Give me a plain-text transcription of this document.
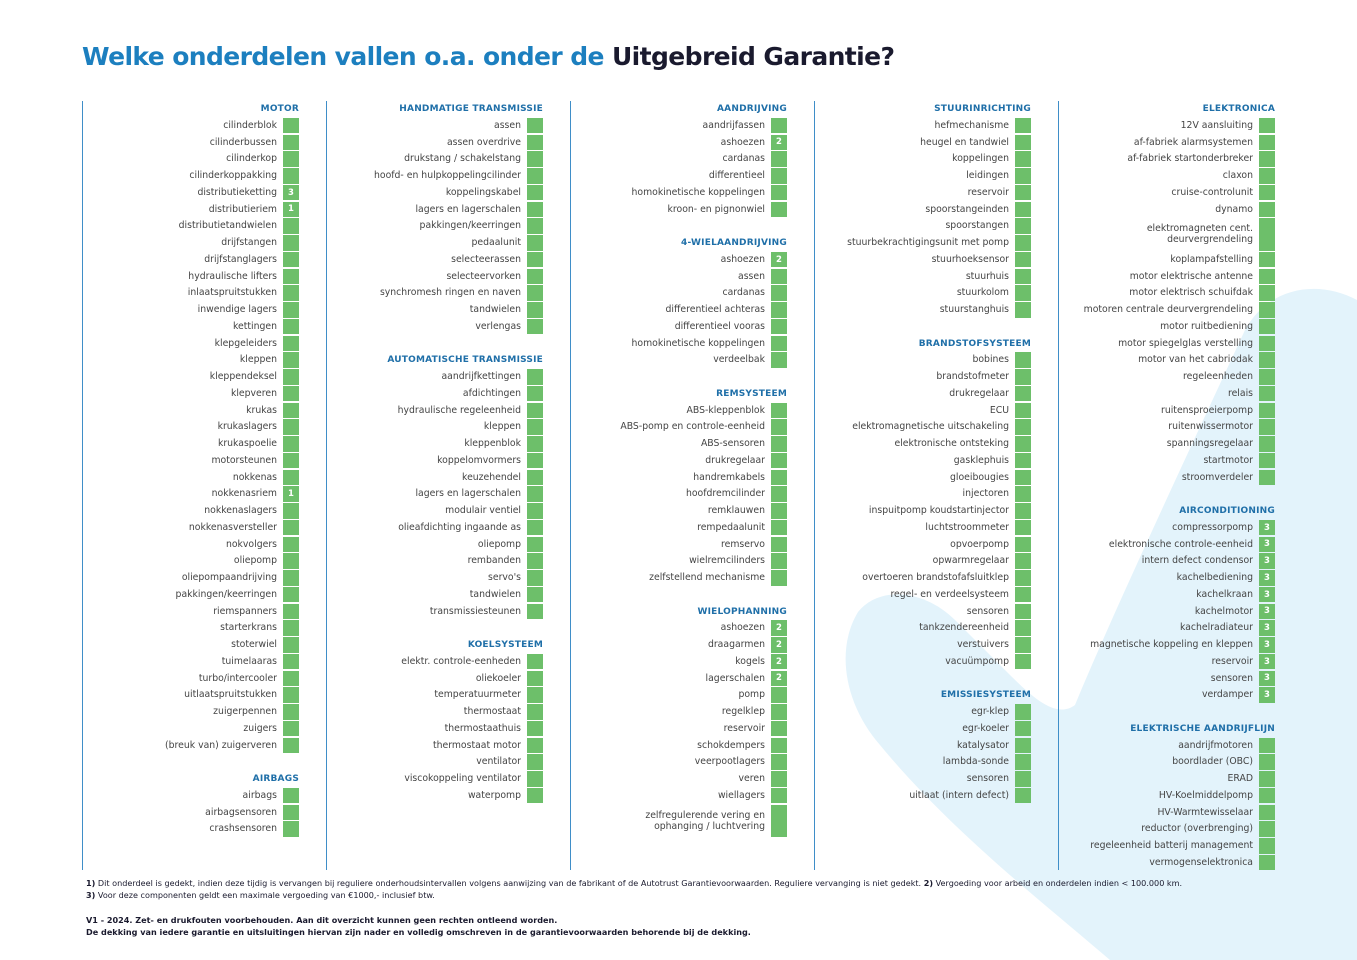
Welke onderdelen vallen o.a. onder de Uitgebreid Garantie?
MOTOR
cilinderblok
cilinderbussen
cilinderkop
cilinderkoppakking
distributieketting	3
distributieriem	1
distributietandwielen
drijfstangen
drijfstanglagers
hydraulische lifters
inlaatspruitstukken
inwendige lagers
kettingen
klepgeleiders
kleppen
kleppendeksel
klepveren
krukas
krukaslagers
krukaspoelie
motorsteunen
nokkenas
nokkenasriem	1
nokkenaslagers
nokkenasversteller
nokvolgers
oliepomp
oliepompaandrijving
pakkingen/keerringen
riemspanners
starterkrans
stoterwiel
tuimelaaras
turbo/intercooler
uitlaatspruitstukken
zuigerpennen
zuigers
(breuk van) zuigerveren
AIRBAGS
airbags
airbagsensoren
crashsensoren
HANDMATIGE TRANSMISSIE
assen
assen overdrive
drukstang / schakelstang
hoofd- en hulpkoppelingcilinder
koppelingskabel
lagers en lagerschalen
pakkingen/keerringen
pedaalunit
selecteerassen
selecteervorken
synchromesh ringen en naven
tandwielen
verlengas
AUTOMATISCHE TRANSMISSIE
aandrijfkettingen
afdichtingen
hydraulische regeleenheid
kleppen
kleppenblok
koppelomvormers
keuzehendel
lagers en lagerschalen
modulair ventiel
olieafdichting ingaande as
oliepomp
rembanden
servo's
tandwielen
transmissiesteunen
KOELSYSTEEM
elektr. controle-eenheden
oliekoeler
temperatuurmeter
thermostaat
thermostaathuis
thermostaat motor
ventilator
viscokoppeling ventilator
waterpomp
AANDRIJVING
aandrijfassen
ashoezen	2
cardanas
differentieel
homokinetische koppelingen
kroon- en pignonwiel
4-WIELAANDRIJVING
ashoezen	2
assen
cardanas
differentieel achteras
differentieel vooras
homokinetische koppelingen
verdeelbak
REMSYSTEEM
ABS-kleppenblok
ABS-pomp en controle-eenheid
ABS-sensoren
drukregelaar
handremkabels
hoofdremcilinder
remklauwen
rempedaalunit
remservo
wielremcilinders
zelfstellend mechanisme
WIELOPHANNING
ashoezen	2
draagarmen	2
kogels	2
lagerschalen	2
pomp
regelklep
reservoir
schokdempers
veerpootlagers
veren
wiellagers
zelfregulerende vering en ophanging / luchtvering
STUURINRICHTING
hefmechanisme
heugel en tandwiel
koppelingen
leidingen
reservoir
spoorstangeinden
spoorstangen
stuurbekrachtigingsunit met pomp
stuurhoeksensor
stuurhuis
stuurkolom
stuurstanghuis
BRANDSTOFSYSTEEM
bobines
brandstofmeter
drukregelaar
ECU
elektromagnetische uitschakeling
elektronische ontsteking
gasklephuis
gloeibougies
injectoren
inspuitpomp koudstartinjector
luchtstroommeter
opvoerpomp
opwarmregelaar
overtoeren brandstofafsluitklep
regel- en verdeelsysteem
sensoren
tankzendereenheid
verstuivers
vacuümpomp
EMISSIESYSTEEM
egr-klep
egr-koeler
katalysator
lambda-sonde
sensoren
uitlaat (intern defect)
ELEKTRONICA
12V aansluiting
af-fabriek alarmsystemen
af-fabriek startonderbreker
claxon
cruise-controlunit
dynamo
elektromagneten cent. deurvergrendeling
koplampafstelling
motor elektrische antenne
motor elektrisch schuifdak
motoren centrale deurvergrendeling
motor ruitbediening
motor spiegelglas verstelling
motor van het cabriodak
regeleenheden
relais
ruitensproeierpomp
ruitenwissermotor
spanningsregelaar
startmotor
stroomverdeler
AIRCONDITIONING
compressorpomp	3
elektronische controle-eenheid	3
intern defect condensor	3
kachelbediening	3
kachelkraan	3
kachelmotor	3
kachelradiateur	3
magnetische koppeling en kleppen	3
reservoir	3
sensoren	3
verdamper	3
ELEKTRISCHE AANDRIJFLIJN
aandrijfmotoren
boordlader (OBC)
ERAD
HV-Koelmiddelpomp
HV-Warmtewisselaar
reductor (overbrenging)
regeleenheid batterij management
vermogenselektronica
1) Dit onderdeel is gedekt, indien deze tijdig is vervangen bij reguliere onderhoudsintervallen volgens aanwijzing van de fabrikant of de Autotrust Garantievoorwaarden. Reguliere vervanging is niet gedekt. 2) Vergoeding voor arbeid en onderdelen indien < 100.000 km.
3) Voor deze componenten geldt een maximale vergoeding van €1000,- inclusief btw.
V1 - 2024. Zet- en drukfouten voorbehouden. Aan dit overzicht kunnen geen rechten ontleend worden.
De dekking van iedere garantie en uitsluitingen hiervan zijn nader en volledig omschreven in de garantievoorwaarden behorende bij de dekking.
